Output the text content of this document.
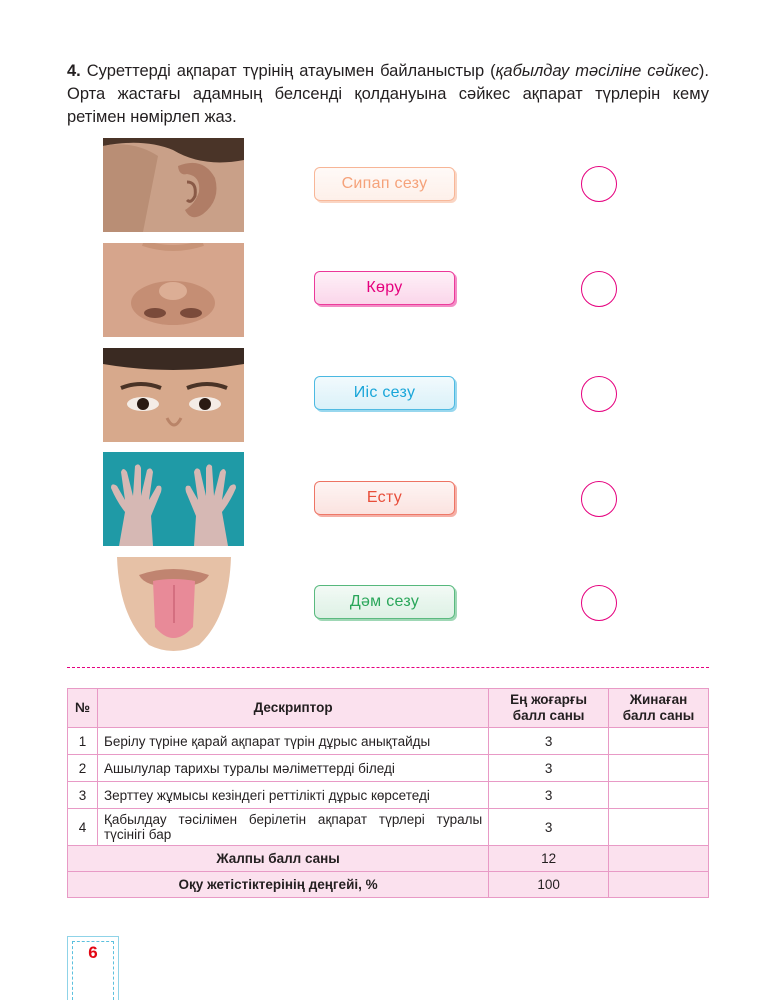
4. Суреттерді ақпарат түрінің атауымен байланыстыр (қабылдау тәсіліне сәйкес). Орта жастағы адамның белсенді қолдануына сәйкес ақпарат түрлерін кему ретімен нөмірлеп жаз.
Сипап сезу
Көру
Иіс сезу
Есту
Дәм сезу
№	Дескриптор	Ең жоғарғы балл саны	Жинаған балл саны
1	Берілу түріне қарай ақпарат түрін дұрыс анықтайды	3	
2	Ашылулар тарихы туралы мәліметтерді біледі	3	
3	Зерттеу жұмысы кезіндегі реттілікті дұрыс көрсетеді	3	
4	Қабылдау тәсілімен берілетін ақпарат түрлері туралы түсінігі бар	3	
Жалпы балл саны		12	
Оқу жетістіктерінің деңгейі, %		100	
6
